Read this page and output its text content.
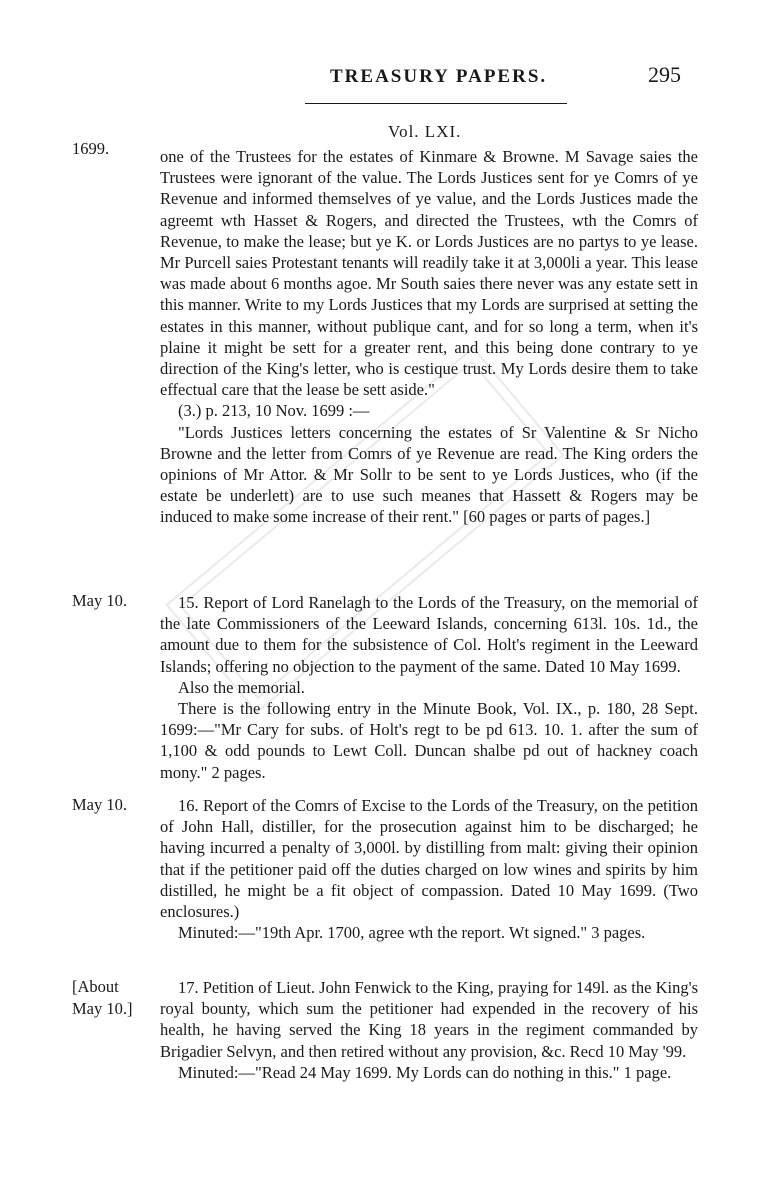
TREASURY PAPERS.	295
Vol. LXI.
1699.
May 10.
May 10.
[About
May 10.]

one of the Trustees for the estates of Kinmare & Browne. M Savage saies the Trustees were ignorant of the value. The Lords Justices sent for ye Comrs of ye Revenue and informed themselves of ye value, and the Lords Justices made the agreemt wth Hasset & Rogers, and directed the Trustees, wth the Comrs of Revenue, to make the lease; but ye K. or Lords Justices are no partys to ye lease. Mr Purcell saies Protestant tenants will readily take it at 3,000li a year. This lease was made about 6 months agoe. Mr South saies there never was any estate sett in this manner. Write to my Lords Justices that my Lords are surprised at setting the estates in this manner, without publique cant, and for so long a term, when it's plaine it might be sett for a greater rent, and this being done contrary to ye direction of the King's letter, who is cestique trust. My Lords desire them to take effectual care that the lease be sett aside."

(3.) p. 213, 10 Nov. 1699 :—

"Lords Justices letters concerning the estates of Sr Valentine & Sr Nicho Browne and the letter from Comrs of ye Revenue are read. The King orders the opinions of Mr Attor. & Mr Sollr to be sent to ye Lords Justices, who (if the estate be underlett) are to use such meanes that Hassett & Rogers may be induced to make some increase of their rent." [60 pages or parts of pages.]

15. Report of Lord Ranelagh to the Lords of the Treasury, on the memorial of the late Commissioners of the Leeward Islands, concerning 613l. 10s. 1d., the amount due to them for the subsistence of Col. Holt's regiment in the Leeward Islands; offering no objection to the payment of the same. Dated 10 May 1699.

Also the memorial.

There is the following entry in the Minute Book, Vol. IX., p. 180, 28 Sept. 1699:—"Mr Cary for subs. of Holt's regt to be pd 613. 10. 1. after the sum of 1,100 & odd pounds to Lewt Coll. Duncan shalbe pd out of hackney coach mony." 2 pages.

16. Report of the Comrs of Excise to the Lords of the Treasury, on the petition of John Hall, distiller, for the prosecution against him to be discharged; he having incurred a penalty of 3,000l. by distilling from malt: giving their opinion that if the petitioner paid off the duties charged on low wines and spirits by him distilled, he might be a fit object of compassion. Dated 10 May 1699. (Two enclosures.)

Minuted:—"19th Apr. 1700, agree wth the report. Wt signed." 3 pages.

17. Petition of Lieut. John Fenwick to the King, praying for 149l. as the King's royal bounty, which sum the petitioner had expended in the recovery of his health, he having served the King 18 years in the regiment commanded by Brigadier Selvyn, and then retired without any provision, &c. Recd 10 May '99.

Minuted:—"Read 24 May 1699. My Lords can do nothing in this." 1 page.
